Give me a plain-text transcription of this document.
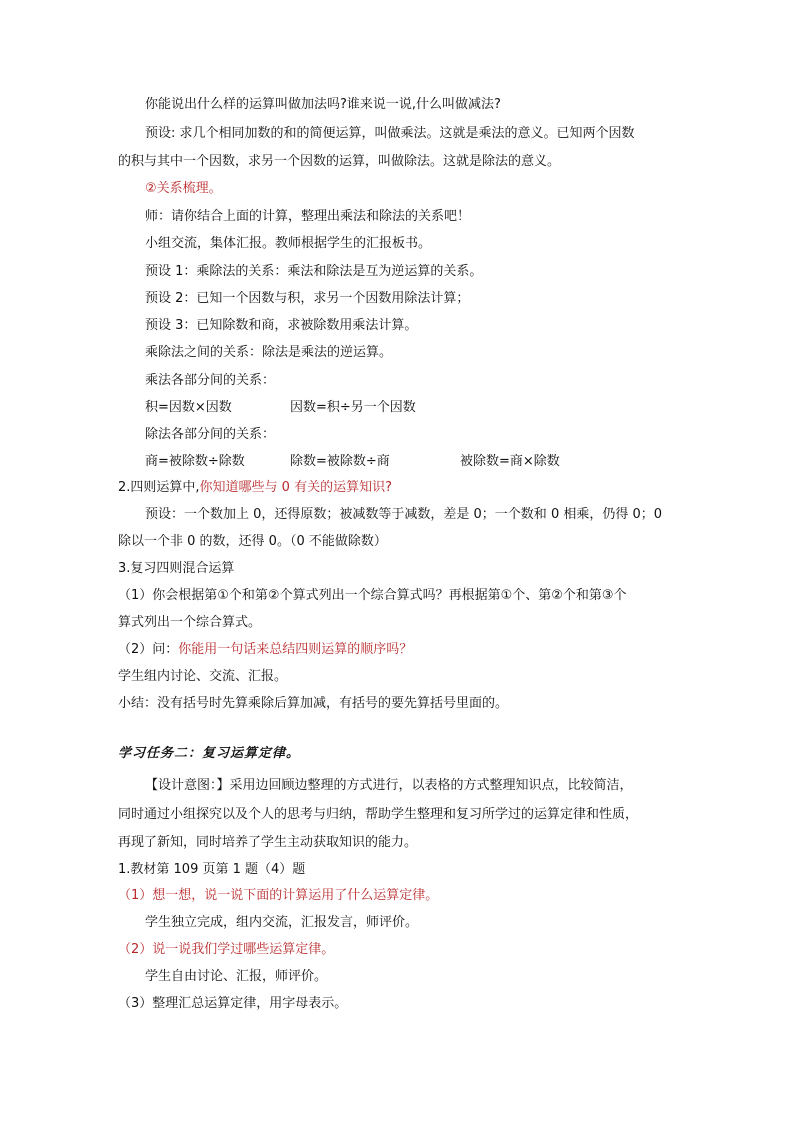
你能说出什么样的运算叫做加法吗?谁来说一说,什么叫做减法?
预设: 求几个相同加数的和的简便运算，叫做乘法。这就是乘法的意义。已知两个因数
的积与其中一个因数，求另一个因数的运算，叫做除法。这就是除法的意义。
②关系梳理。
师：请你结合上面的计算，整理出乘法和除法的关系吧！
小组交流，集体汇报。教师根据学生的汇报板书。
预设 1：乘除法的关系：乘法和除法是互为逆运算的关系。
预设 2：已知一个因数与积，求另一个因数用除法计算；
预设 3：已知除数和商，求被除数用乘法计算。
乘除法之间的关系：除法是乘法的逆运算。
乘法各部分间的关系：
积=因数×因数	因数=积÷另一个因数
除法各部分间的关系：
商=被除数÷除数	除数=被除数÷商	被除数=商×除数
2.四则运算中,你知道哪些与 0 有关的运算知识?
预设：一个数加上 0，还得原数；被减数等于减数，差是 0；一个数和 0 相乘，仍得 0；0
除以一个非 0 的数，还得 0。（0 不能做除数）
3.复习四则混合运算
（1）你会根据第①个和第②个算式列出一个综合算式吗？再根据第①个、第②个和第③个
算式列出一个综合算式。
（2）问：你能用一句话来总结四则运算的顺序吗？
学生组内讨论、交流、汇报。
小结：没有括号时先算乘除后算加减，有括号的要先算括号里面的。
学习任务二：复习运算定律。
【设计意图：】采用边回顾边整理的方式进行，以表格的方式整理知识点，比较简洁，
同时通过小组探究以及个人的思考与归纳，帮助学生整理和复习所学过的运算定律和性质，
再现了新知，同时培养了学生主动获取知识的能力。
1.教材第 109 页第 1 题（4）题
（1）想一想，说一说下面的计算运用了什么运算定律。
学生独立完成，组内交流，汇报发言，师评价。
（2）说一说我们学过哪些运算定律。
学生自由讨论、汇报，师评价。
（3）整理汇总运算定律，用字母表示。
